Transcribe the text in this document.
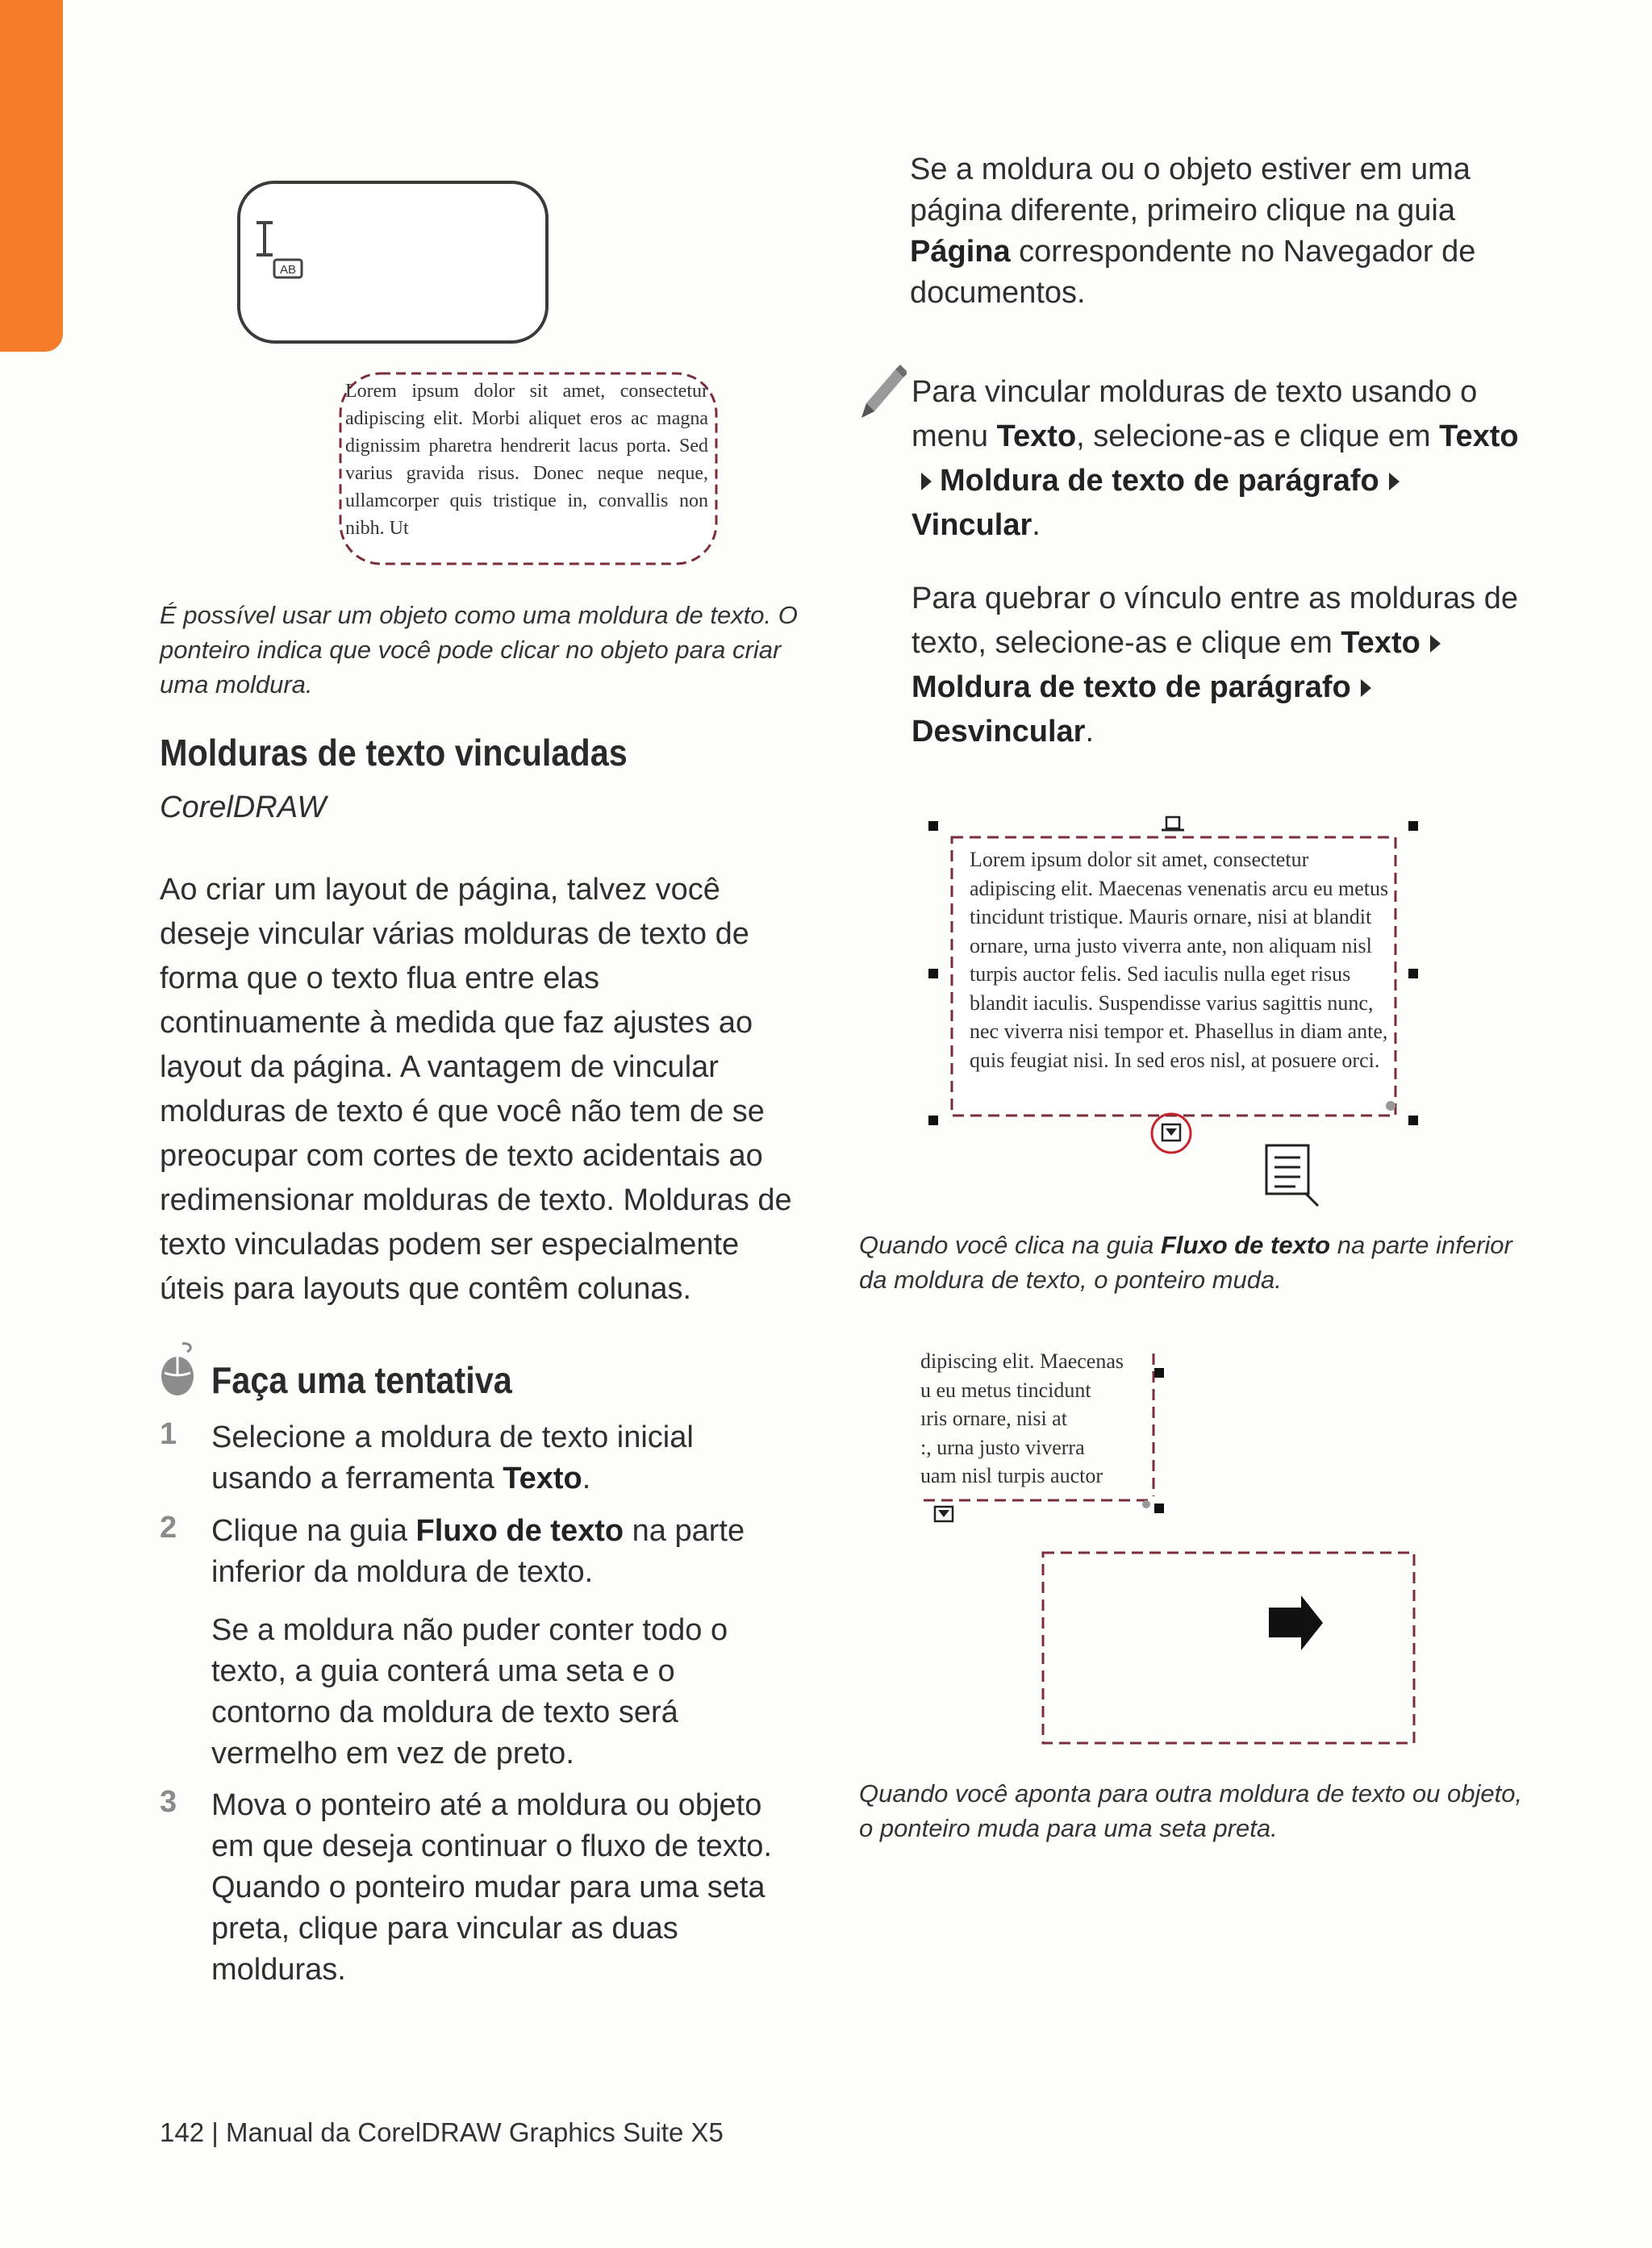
AB
Lorem ipsum dolor sit amet, consectetur adipiscing elit. Morbi aliquet eros ac magna dignissim pharetra hendrerit lacus porta. Sed varius gravida risus. Donec neque neque, ullamcorper quis tristique in, convallis non nibh. Ut
É possível usar um objeto como uma moldura de texto. O ponteiro indica que você pode clicar no objeto para criar uma moldura.
Molduras de texto vinculadas
CorelDRAW
Ao criar um layout de página, talvez você deseje vincular várias molduras de texto de forma que o texto flua entre elas continuamente à medida que faz ajustes ao layout da página. A vantagem de vincular molduras de texto é que você não tem de se preocupar com cortes de texto acidentais ao redimensionar molduras de texto. Molduras de texto vinculadas podem ser especialmente úteis para layouts que contêm colunas.
Faça uma tentativa
1 Selecione a moldura de texto inicial usando a ferramenta Texto.
2 Clique na guia Fluxo de texto na parte inferior da moldura de texto.
Se a moldura não puder conter todo o texto, a guia conterá uma seta e o contorno da moldura de texto será vermelho em vez de preto.
3 Mova o ponteiro até a moldura ou objeto em que deseja continuar o fluxo de texto. Quando o ponteiro mudar para uma seta preta, clique para vincular as duas molduras.
142 | Manual da CorelDRAW Graphics Suite X5
Se a moldura ou o objeto estiver em uma página diferente, primeiro clique na guia Página correspondente no Navegador de documentos.
Para vincular molduras de texto usando o menu Texto, selecione-as e clique em TextoMoldura de texto de parágrafoVincular.
Para quebrar o vínculo entre as molduras de texto, selecione-as e clique em TextoMoldura de texto de parágrafoDesvincular.
Lorem ipsum dolor sit amet, consectetur adipiscing elit. Maecenas venenatis arcu eu metus tincidunt tristique. Mauris ornare, nisi at blandit ornare, urna justo viverra ante, non aliquam nisl turpis auctor felis. Sed iaculis nulla eget risus blandit iaculis. Suspendisse varius sagittis nunc, nec viverra nisi tempor et. Phasellus in diam ante, quis feugiat nisi. In sed eros nisl, at posuere orci.
Quando você clica na guia Fluxo de texto na parte inferior da moldura de texto, o ponteiro muda.
dipiscing elit. Maecenas
u eu metus tincidunt
ıris ornare, nisi at
:, urna justo viverra
uam nisl turpis auctor
Quando você aponta para outra moldura de texto ou objeto, o ponteiro muda para uma seta preta.
